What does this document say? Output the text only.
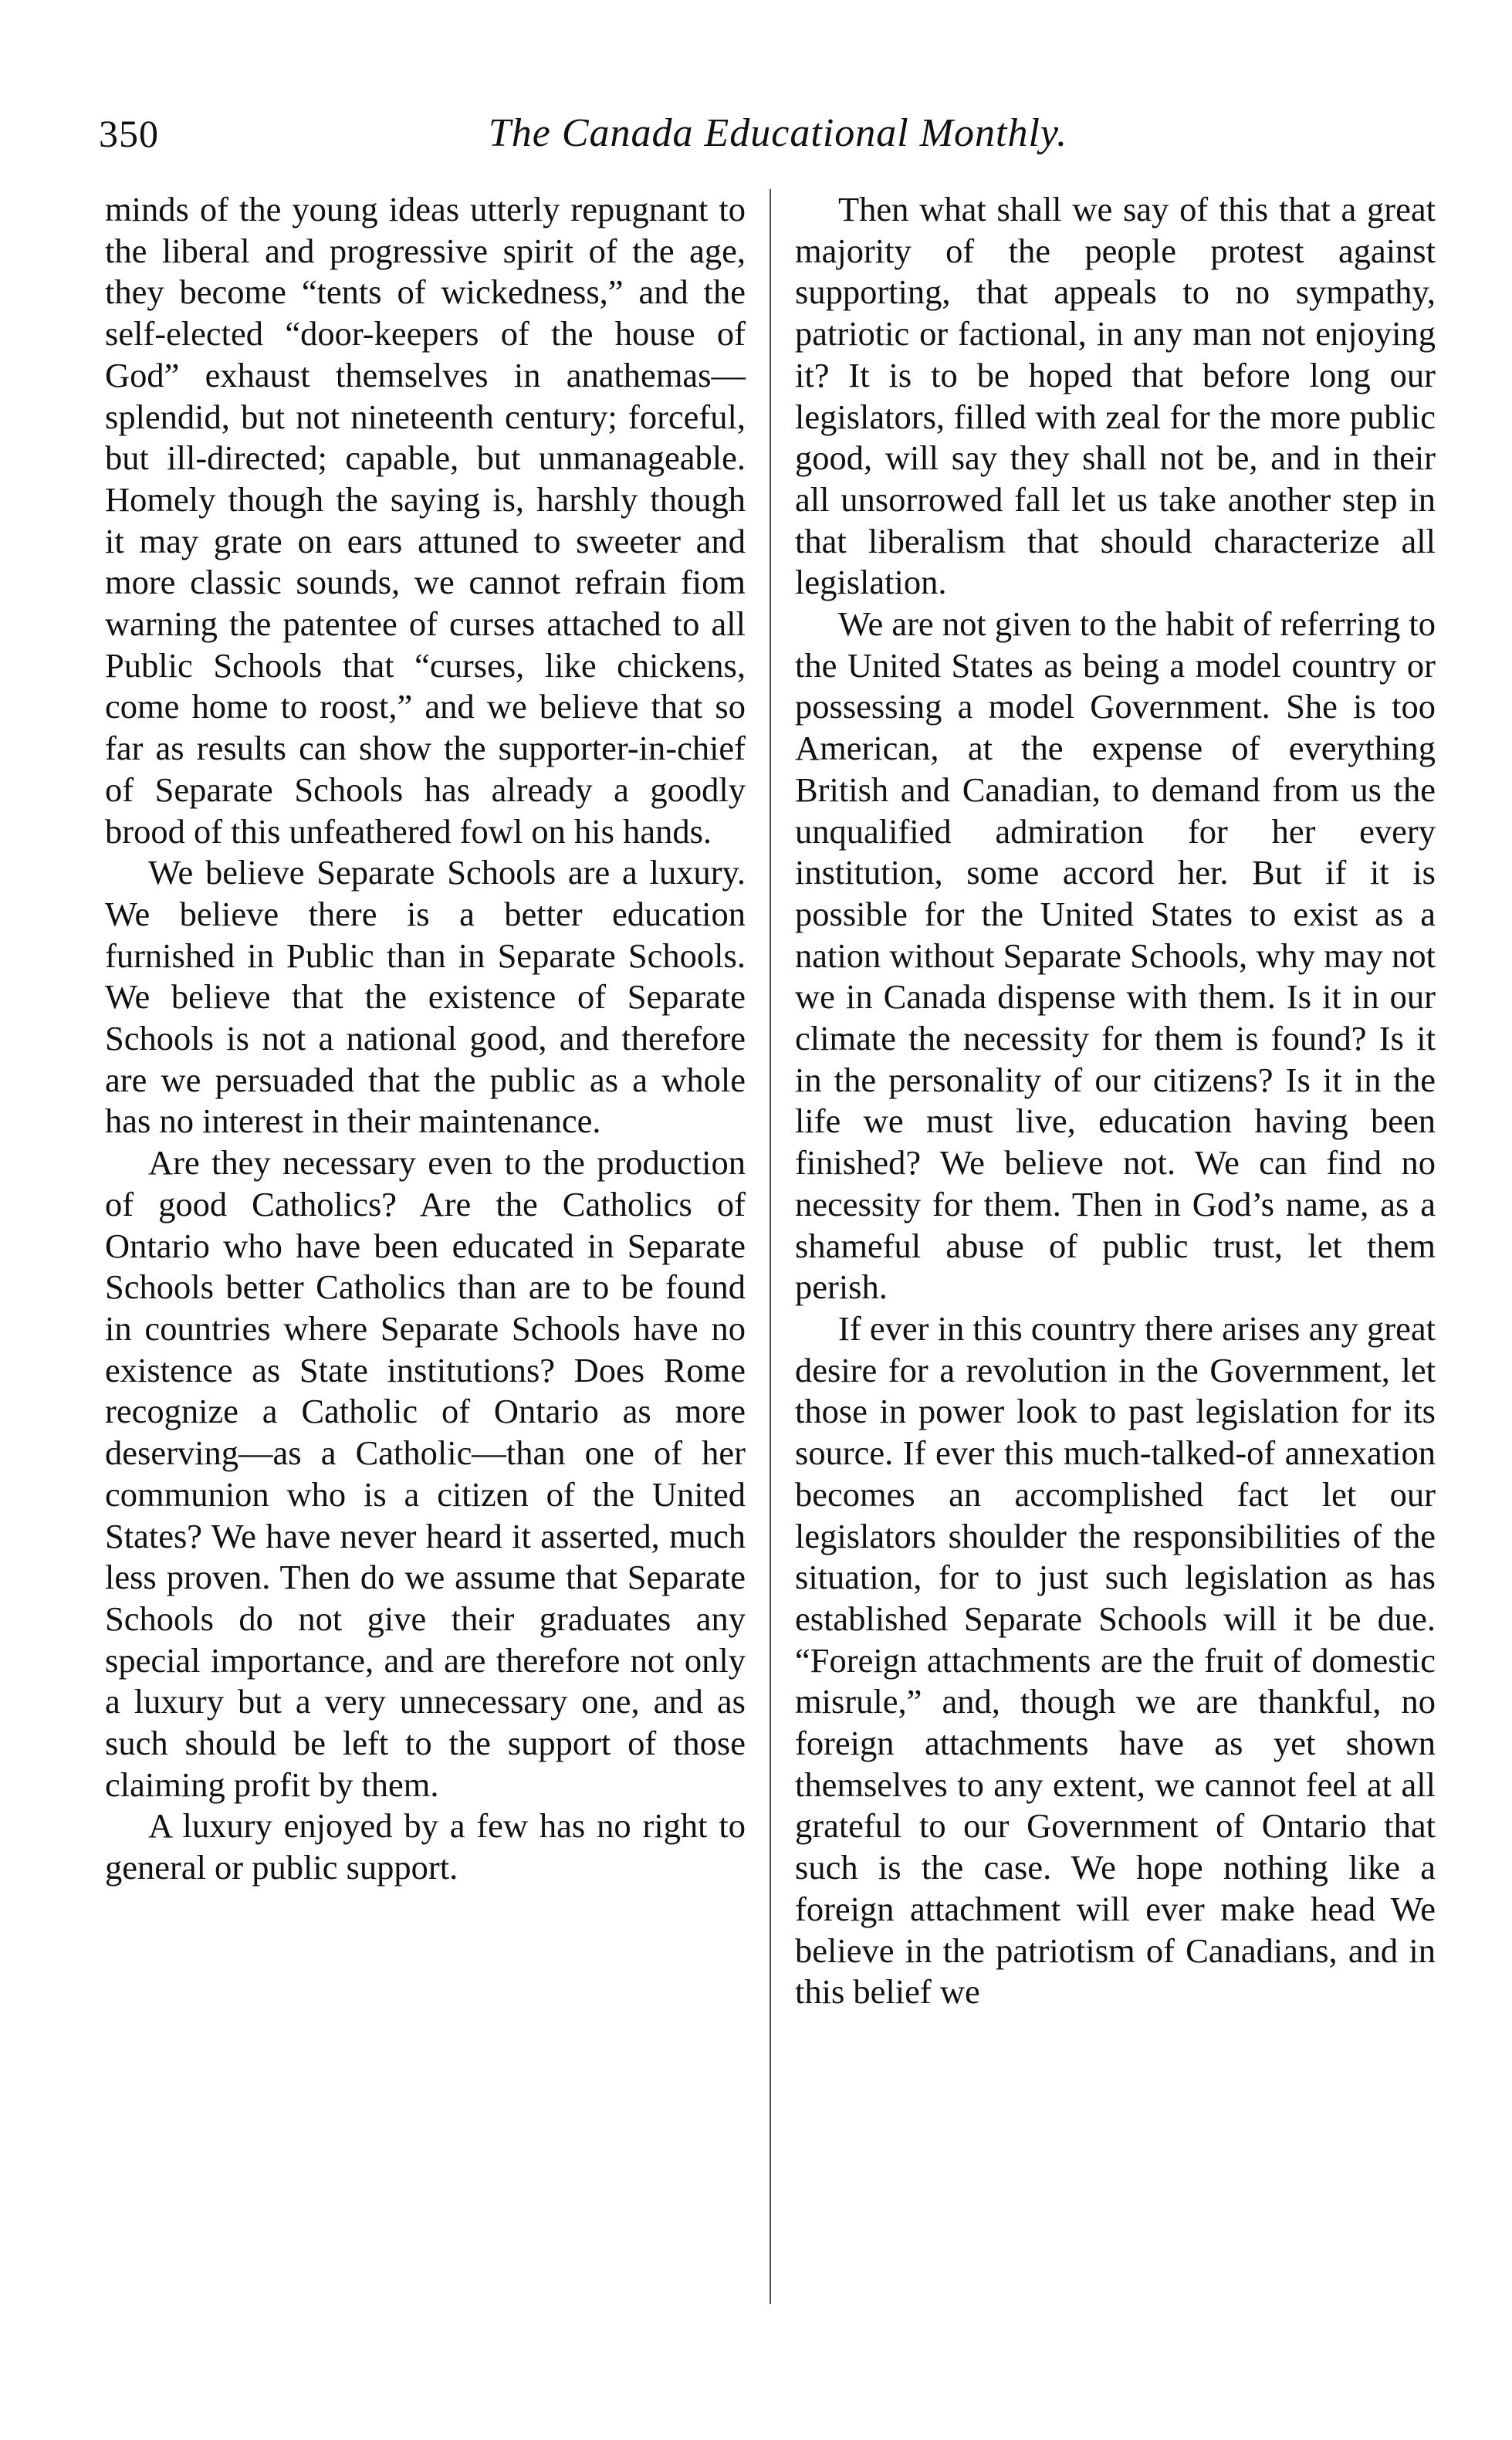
350	The Canada Educational Monthly.

minds of the young ideas utterly repugnant to the liberal and progressive spirit of the age, they become “tents of wickedness,” and the self-elected “door-keepers of the house of God” exhaust themselves in anathemas—splendid, but not nineteenth century; forceful, but ill-directed; capable, but unmanageable. Homely though the saying is, harshly though it may grate on ears attuned to sweeter and more classic sounds, we cannot refrain fiom warning the patentee of curses attached to all Public Schools that “curses, like chickens, come home to roost,” and we believe that so far as results can show the supporter-in-chief of Separate Schools has already a goodly brood of this unfeathered fowl on his hands.

We believe Separate Schools are a luxury. We believe there is a better education furnished in Public than in Separate Schools. We believe that the existence of Separate Schools is not a national good, and therefore are we persuaded that the public as a whole has no interest in their maintenance.

Are they necessary even to the production of good Catholics? Are the Catholics of Ontario who have been educated in Separate Schools better Catholics than are to be found in countries where Separate Schools have no existence as State institutions? Does Rome recognize a Catholic of Ontario as more deserving—as a Catholic—than one of her communion who is a citizen of the United States? We have never heard it asserted, much less proven. Then do we assume that Separate Schools do not give their graduates any special importance, and are therefore not only a luxury but a very unnecessary one, and as such should be left to the support of those claiming profit by them.

A luxury enjoyed by a few has no right to general or public support.

Then what shall we say of this that a great majority of the people protest against supporting, that appeals to no sympathy, patriotic or factional, in any man not enjoying it? It is to be hoped that before long our legislators, filled with zeal for the more public good, will say they shall not be, and in their all unsorrowed fall let us take another step in that liberalism that should characterize all legislation.

We are not given to the habit of referring to the United States as being a model country or possessing a model Government. She is too American, at the expense of everything British and Canadian, to demand from us the unqualified admiration for her every institution, some accord her. But if it is possible for the United States to exist as a nation without Separate Schools, why may not we in Canada dispense with them. Is it in our climate the necessity for them is found? Is it in the personality of our citizens? Is it in the life we must live, education having been finished? We believe not. We can find no necessity for them. Then in God’s name, as a shameful abuse of public trust, let them perish.

If ever in this country there arises any great desire for a revolution in the Government, let those in power look to past legislation for its source. If ever this much-talked-of annexation becomes an accomplished fact let our legislators shoulder the responsibilities of the situation, for to just such legislation as has established Separate Schools will it be due. “Foreign attachments are the fruit of domestic misrule,” and, though we are thankful, no foreign attachments have as yet shown themselves to any extent, we cannot feel at all grateful to our Government of Ontario that such is the case. We hope nothing like a foreign attachment will ever make head We believe in the patriotism of Canadians, and in this belief we
